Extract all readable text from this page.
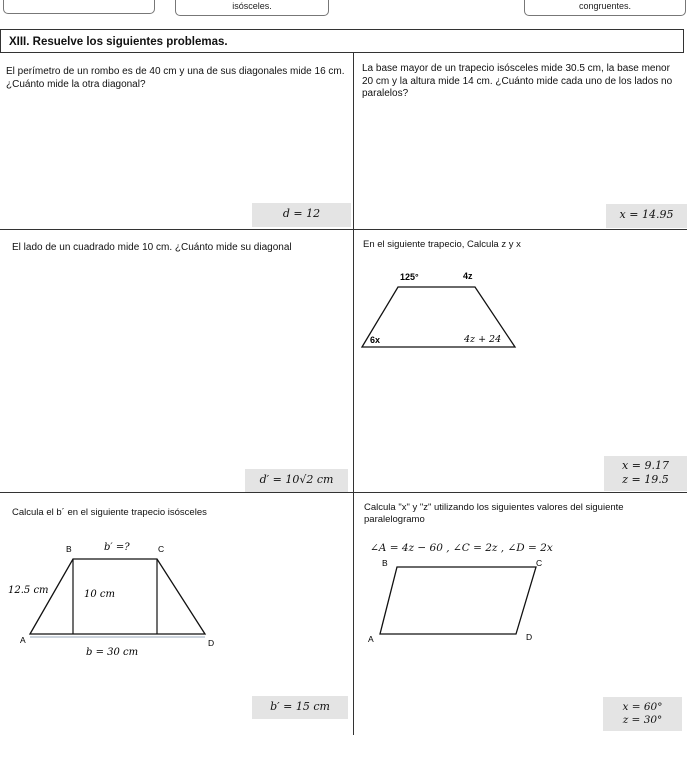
isósceles.	congruentes.
XIII. Resuelve los siguientes problemas.
El perímetro de un rombo es de 40 cm y una de sus diagonales mide 16 cm. ¿Cuánto mide la otra diagonal?
d = 12
La base mayor de un trapecio isósceles mide 30.5 cm, la base menor 20 cm y la altura mide 14 cm. ¿Cuánto mide cada uno de los lados no paralelos?
x = 14.95
El lado de un cuadrado mide 10 cm. ¿Cuánto mide su diagonal
d′ = 10√2 cm
En el siguiente trapecio, Calcula z y x
125°	4z
6x	4z + 24
x = 9.17
z = 19.5
Calcula el b´ en el siguiente trapecio isósceles
B	b′ =?	C
12.5 cm	10 cm
A	D
b = 30 cm
b′ = 15 cm
Calcula "x" y "z" utilizando los siguientes valores del siguiente paralelogramo
∠A = 4z − 60 , ∠C = 2z , ∠D = 2x
B	C
A	D
x = 60°
z = 30°
